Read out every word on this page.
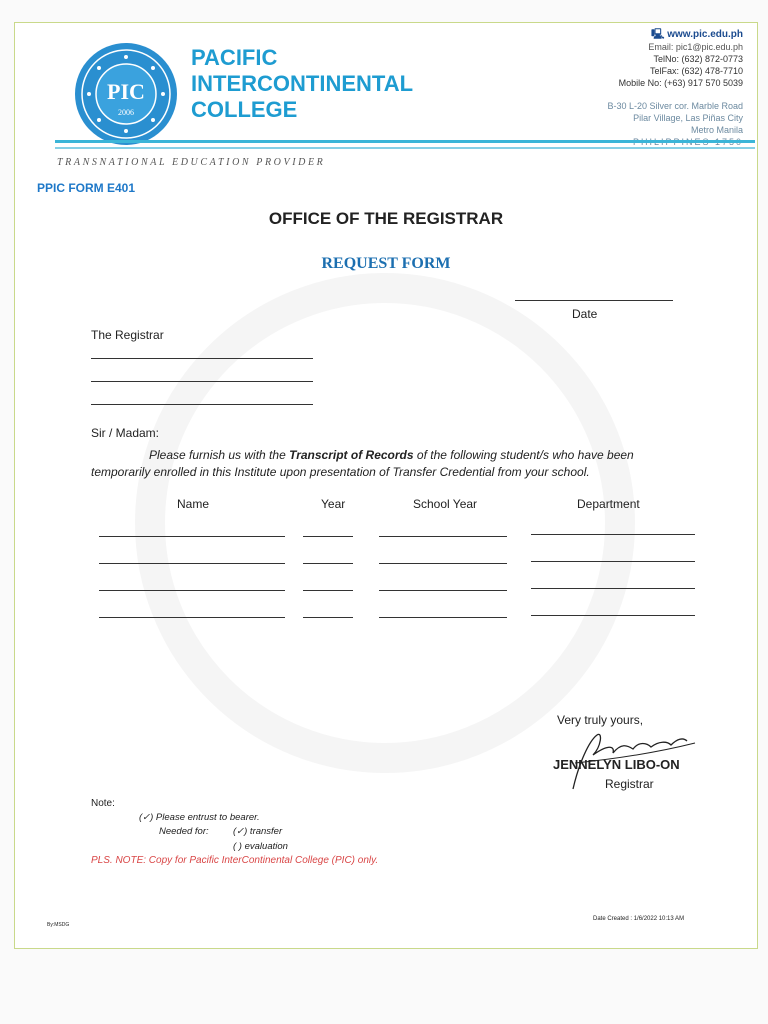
PIC
2006
PACIFIC
INTERCONTINENTAL
COLLEGE
🖳 www.pic.edu.ph
Email: pic1@pic.edu.ph
TelNo: (632) 872-0773
TelFax: (632) 478-7710
Mobile No: (+63) 917 570 5039
B-30 L-20 Silver cor. Marble Road
Pilar Village, Las Piñas City
Metro Manila
TRANSNATIONAL EDUCATION PROVIDER
PPIC FORM E401
OFFICE OF THE REGISTRAR
REQUEST FORM
Date
The Registrar
Sir / Madam:
Please furnish us with the Transcript of Records of the following student/s who have been
temporarily enrolled in this Institute upon presentation of Transfer Credential from your school.
Name	Year	School Year	Department
Very truly yours,
JENNELYN LIBO-ON
Registrar
Note:
(✓) Please entrust to bearer.
Needed for:	(✓) transfer
( ) evaluation
PLS. NOTE: Copy for Pacific InterContinental College (PIC) only.
By:MSDG
Date Created : 1/6/2022 10:13 AM
